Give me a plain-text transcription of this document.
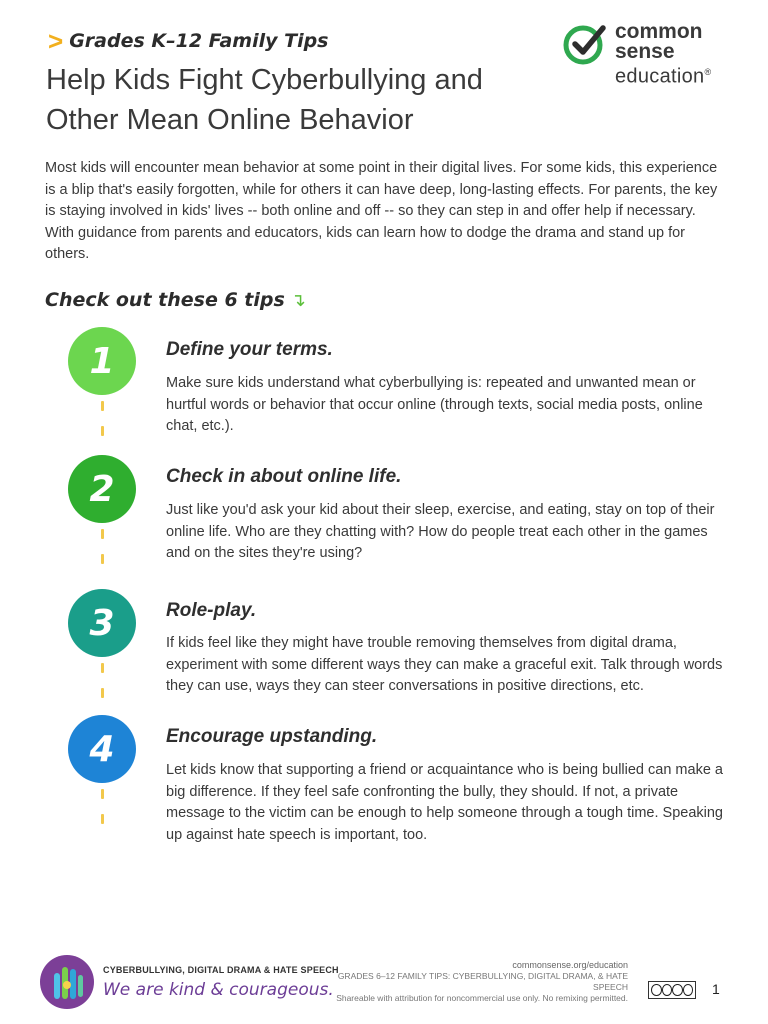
> Grades K–12 Family Tips
Help Kids Fight Cyberbullying and Other Mean Online Behavior
common
sense
education®

Most kids will encounter mean behavior at some point in their digital lives. For some kids, this experience is a blip that's easily forgotten, while for others it can have deep, long-lasting effects. For parents, the key is staying involved in kids' lives -- both online and off -- so they can step in and offer help if necessary. With guidance from parents and educators, kids can learn how to dodge the drama and stand up for others.

Check out these 6 tips ↴
1	Define your terms.

Make sure kids understand what cyberbullying is: repeated and unwanted mean or hurtful words or behavior that occur online (through texts, social media posts, online chat, etc.).

2	Check in about online life.

Just like you'd ask your kid about their sleep, exercise, and eating, stay on top of their online life. Who are they chatting with? How do people treat each other in the games and on the sites they're using?

3	Role-play.

If kids feel like they might have trouble removing themselves from digital drama, experiment with some different ways they can make a graceful exit. Talk through words they can use, ways they can steer conversations in positive directions, etc.

4	Encourage upstanding.

Let kids know that supporting a friend or acquaintance who is being bullied can make a big difference. If they feel safe confronting the bully, they should. If not, a private message to the victim can be enough to help someone through a tough time. Speaking up against hate speech is important, too.

CYBERBULLYING, DIGITAL DRAMA & HATE SPEECH
We are kind & courageous.
commonsense.org/education
GRADES 6–12 FAMILY TIPS: CYBERBULLYING, DIGITAL DRAMA, & HATE SPEECH
Shareable with attribution for noncommercial use only. No remixing permitted.
1
